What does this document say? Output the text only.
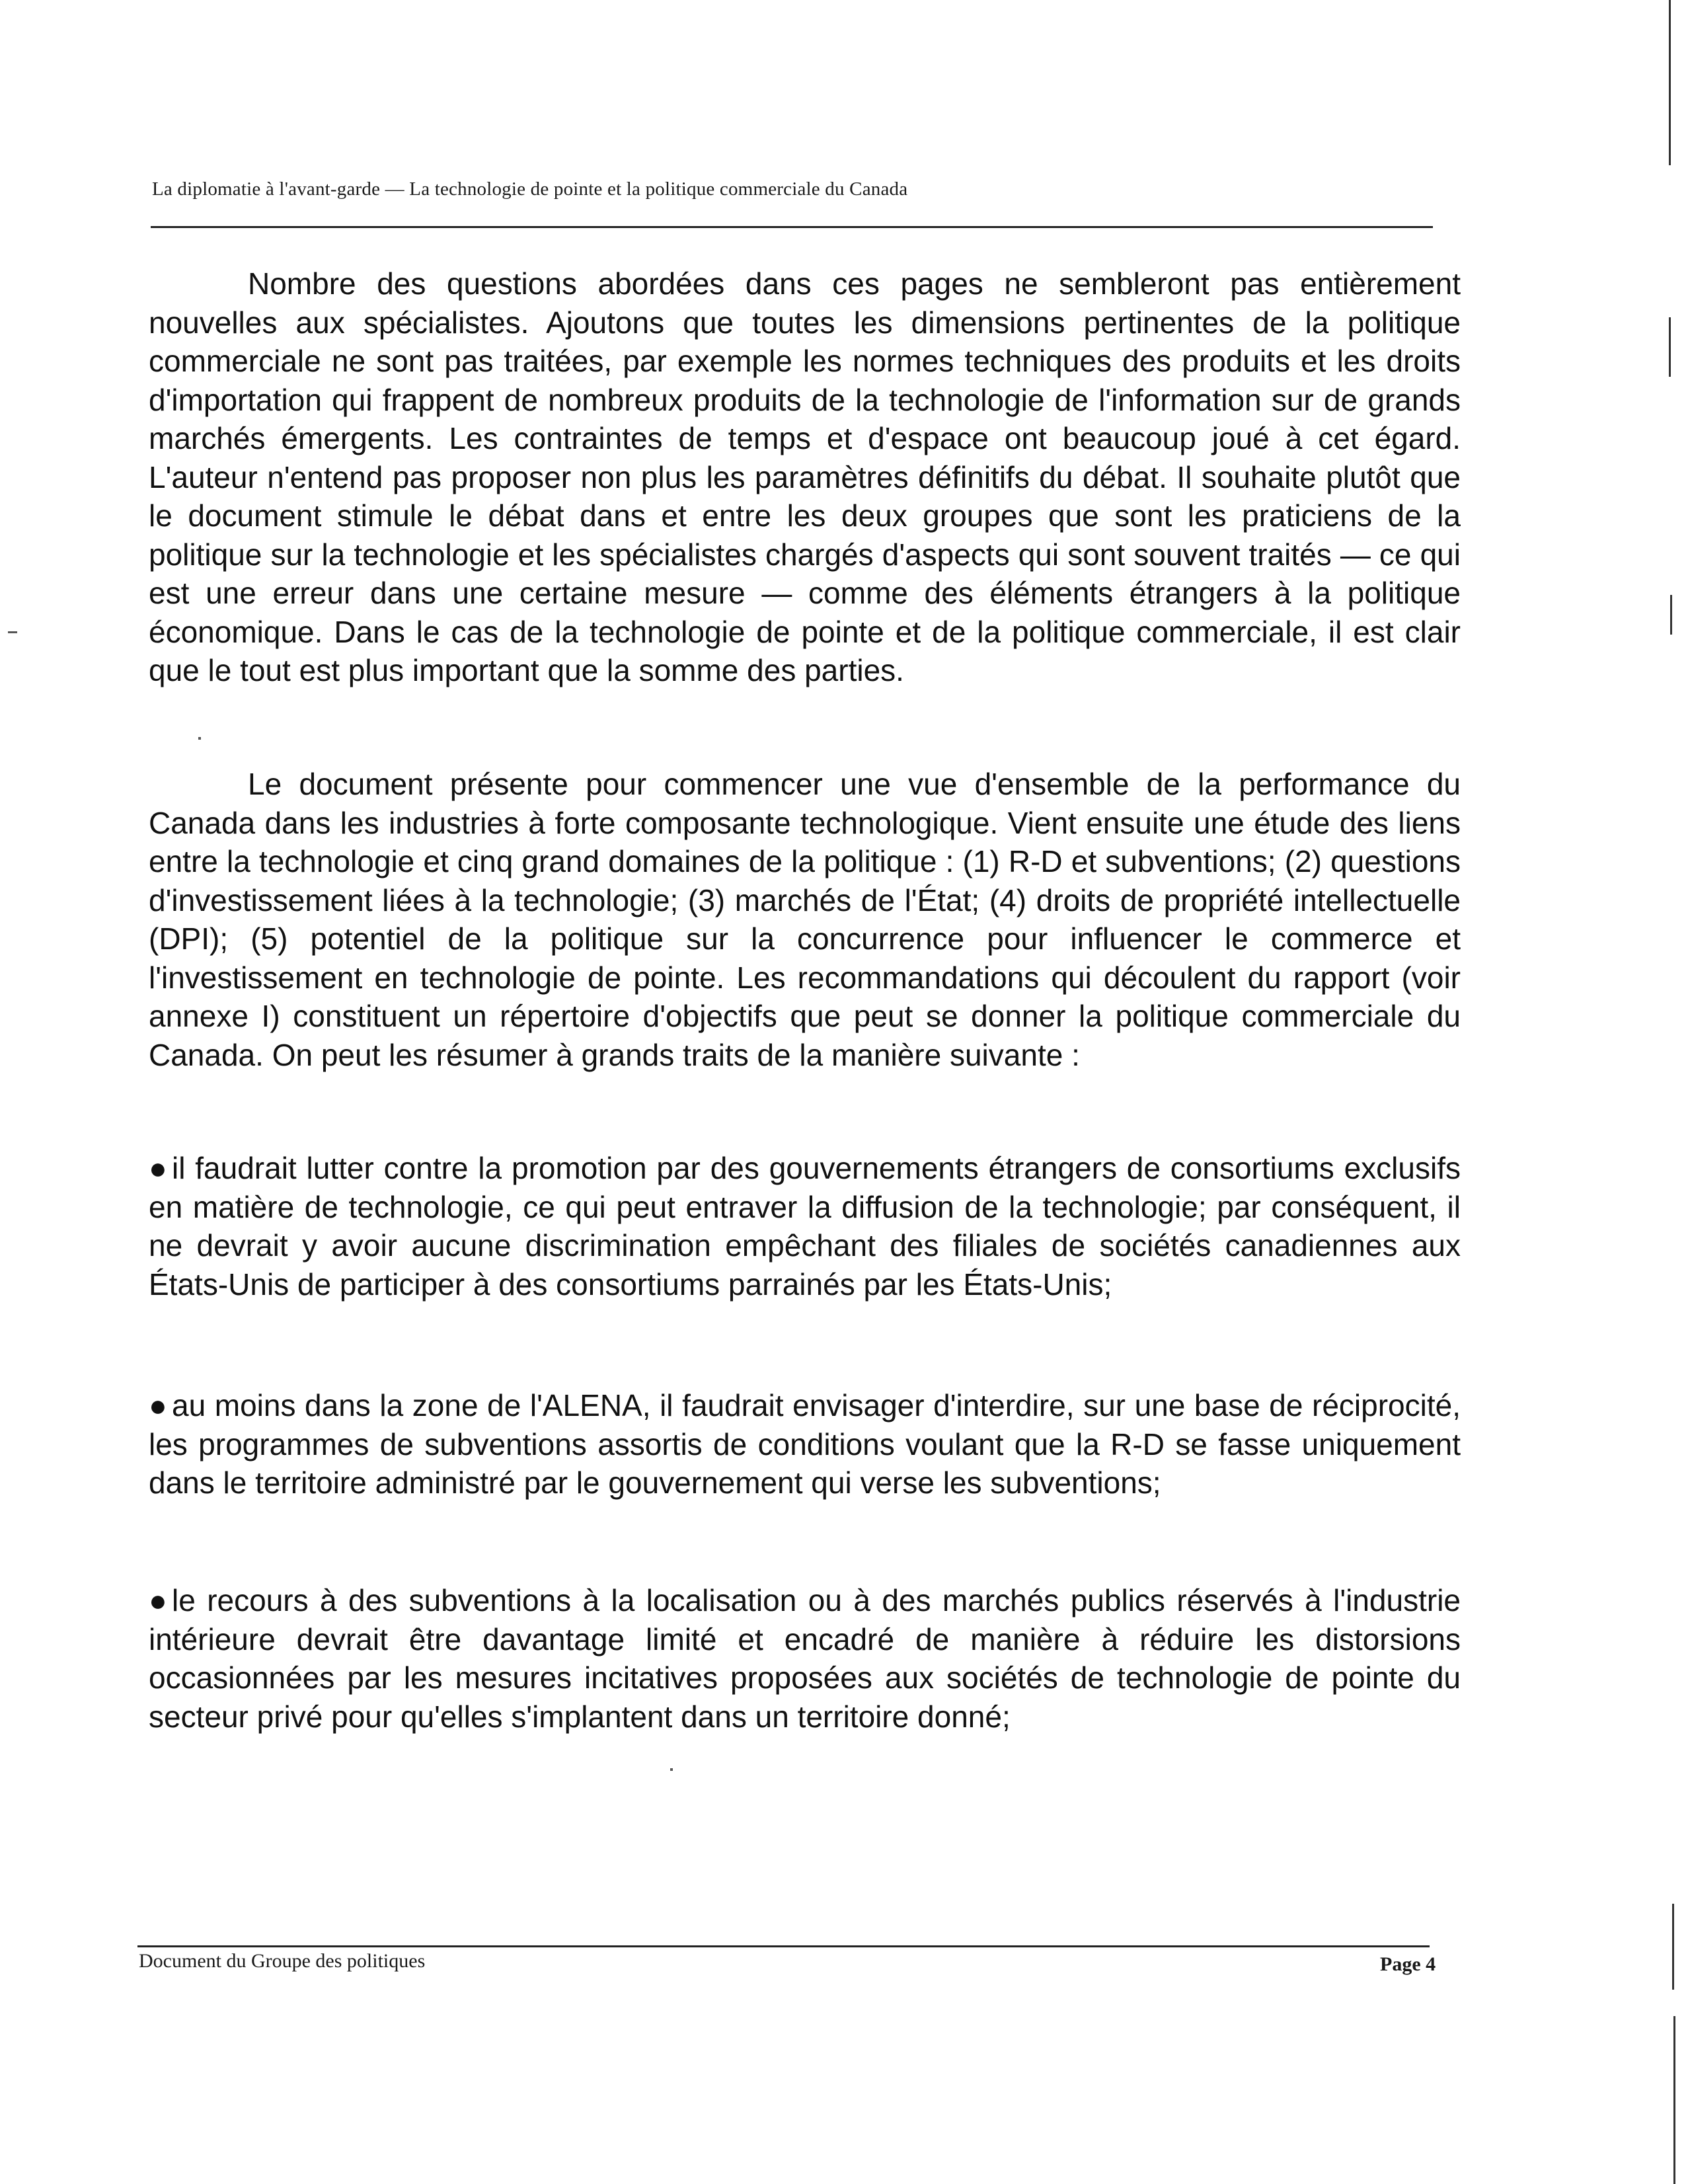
La diplomatie à l'avant-garde — La technologie de pointe et la politique commerciale du Canada

Nombre des questions abordées dans ces pages ne sembleront pas entièrement nouvelles aux spécialistes. Ajoutons que toutes les dimensions pertinentes de la politique commerciale ne sont pas traitées, par exemple les normes techniques des produits et les droits d'importation qui frappent de nombreux produits de la technologie de l'information sur de grands marchés émergents. Les contraintes de temps et d'espace ont beaucoup joué à cet égard. L'auteur n'entend pas proposer non plus les paramètres définitifs du débat. Il souhaite plutôt que le document stimule le débat dans et entre les deux groupes que sont les praticiens de la politique sur la technologie et les spécialistes chargés d'aspects qui sont souvent traités — ce qui est une erreur dans une certaine mesure — comme des éléments étrangers à la politique économique. Dans le cas de la technologie de pointe et de la politique commerciale, il est clair que le tout est plus important que la somme des parties.

Le document présente pour commencer une vue d'ensemble de la performance du Canada dans les industries à forte composante technologique. Vient ensuite une étude des liens entre la technologie et cinq grand domaines de la politique : (1) R-D et subventions; (2) questions d'investissement liées à la technologie; (3) marchés de l'État; (4) droits de propriété intellectuelle (DPI); (5) potentiel de la politique sur la concurrence pour influencer le commerce et l'investissement en technologie de pointe. Les recommandations qui découlent du rapport (voir annexe I) constituent un répertoire d'objectifs que peut se donner la politique commerciale du Canada. On peut les résumer à grands traits de la manière suivante :

● il faudrait lutter contre la promotion par des gouvernements étrangers de consortiums exclusifs en matière de technologie, ce qui peut entraver la diffusion de la technologie; par conséquent, il ne devrait y avoir aucune discrimination empêchant des filiales de sociétés canadiennes aux États-Unis de participer à des consortiums parrainés par les États-Unis;
● au moins dans la zone de l'ALENA, il faudrait envisager d'interdire, sur une base de réciprocité, les programmes de subventions assortis de conditions voulant que la R-D se fasse uniquement dans le territoire administré par le gouvernement qui verse les subventions;
● le recours à des subventions à la localisation ou à des marchés publics réservés à l'industrie intérieure devrait être davantage limité et encadré de manière à réduire les distorsions occasionnées par les mesures incitatives proposées aux sociétés de technologie de pointe du secteur privé pour qu'elles s'implantent dans un territoire donné;
Document du Groupe des politiques	Page 4
